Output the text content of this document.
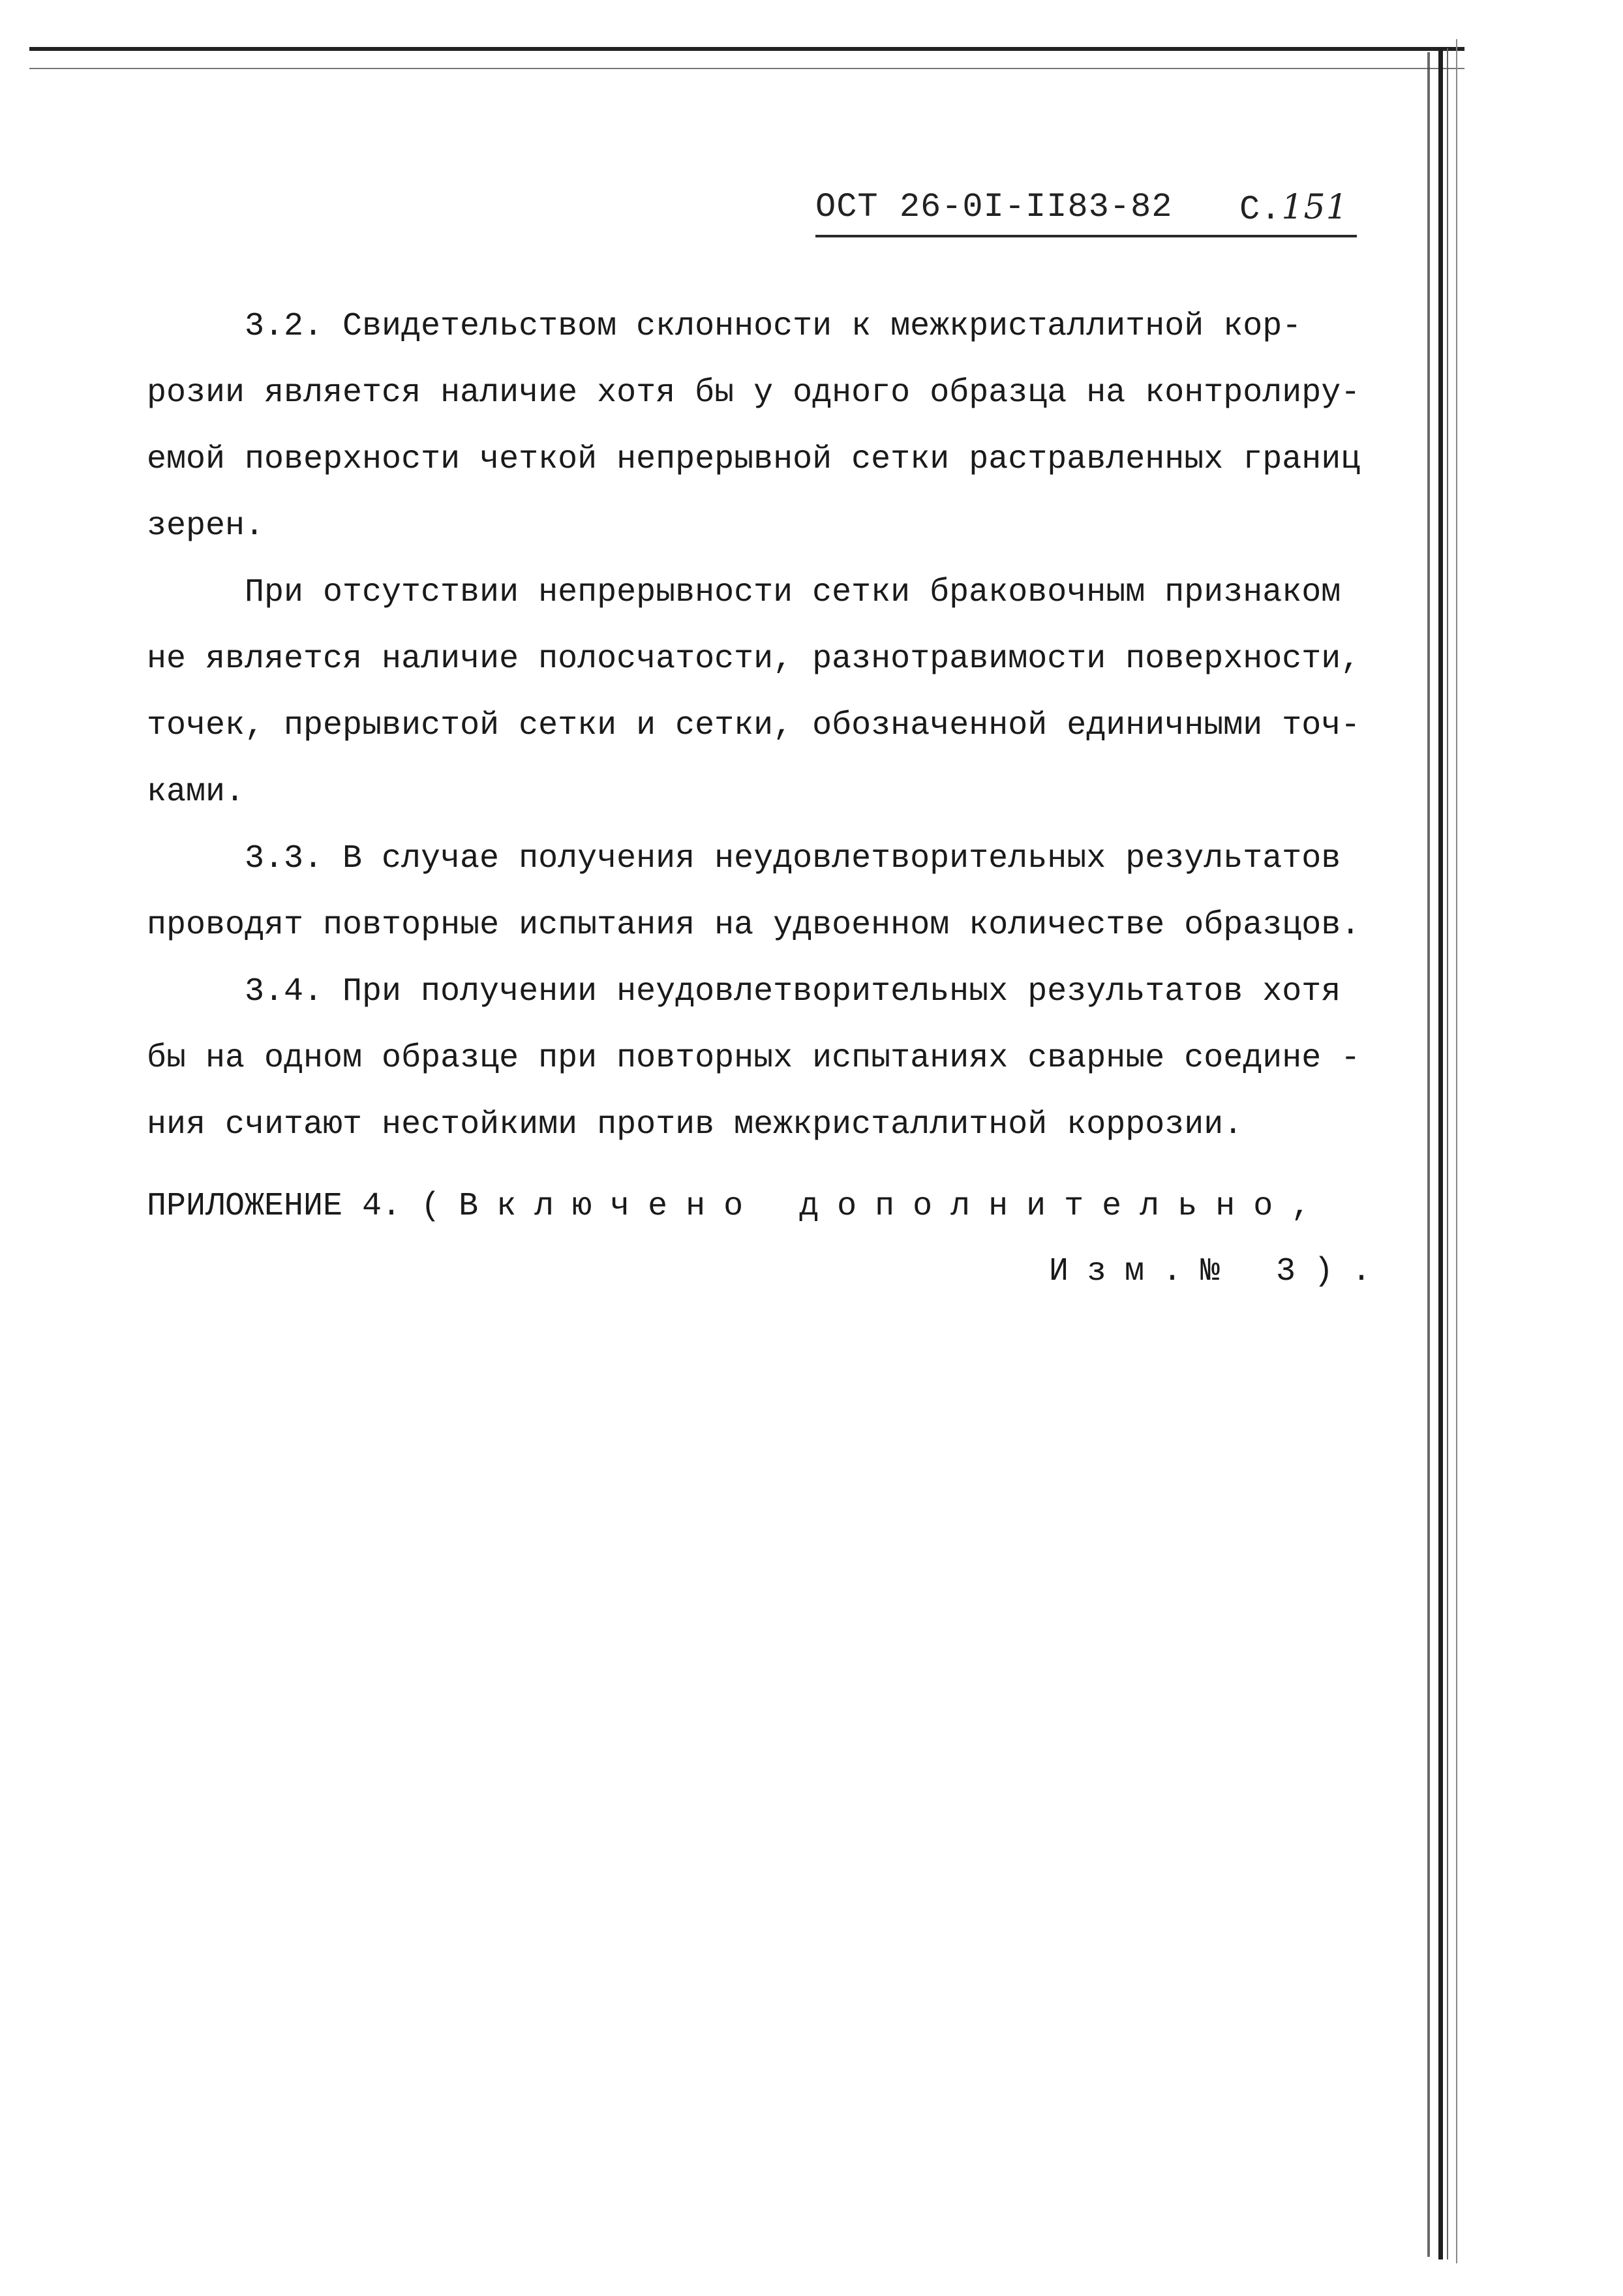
ОСТ 26-0I-II83-82 С.151
3.2. Свидетельством склонности к межкристаллитной кор-
розии является наличие хотя бы у одного образца на контролиру-
емой поверхности четкой непрерывной сетки растравленных границ
зерен.
При отсутствии непрерывности сетки браковочным признаком
не является наличие полосчатости, разнотравимости поверхности,
точек, прерывистой сетки и сетки, обозначенной единичными точ-
ками.
3.3. В случае получения неудовлетворительных результатов
проводят повторные испытания на удвоенном количестве образцов.
3.4. При получении неудовлетворительных результатов хотя
бы на одном образце при повторных испытаниях сварные соедине -
ния считают нестойкими против межкристаллитной коррозии.
ПРИЛОЖЕНИЕ 4. (Включено дополнительно,
Изм.№ 3).
